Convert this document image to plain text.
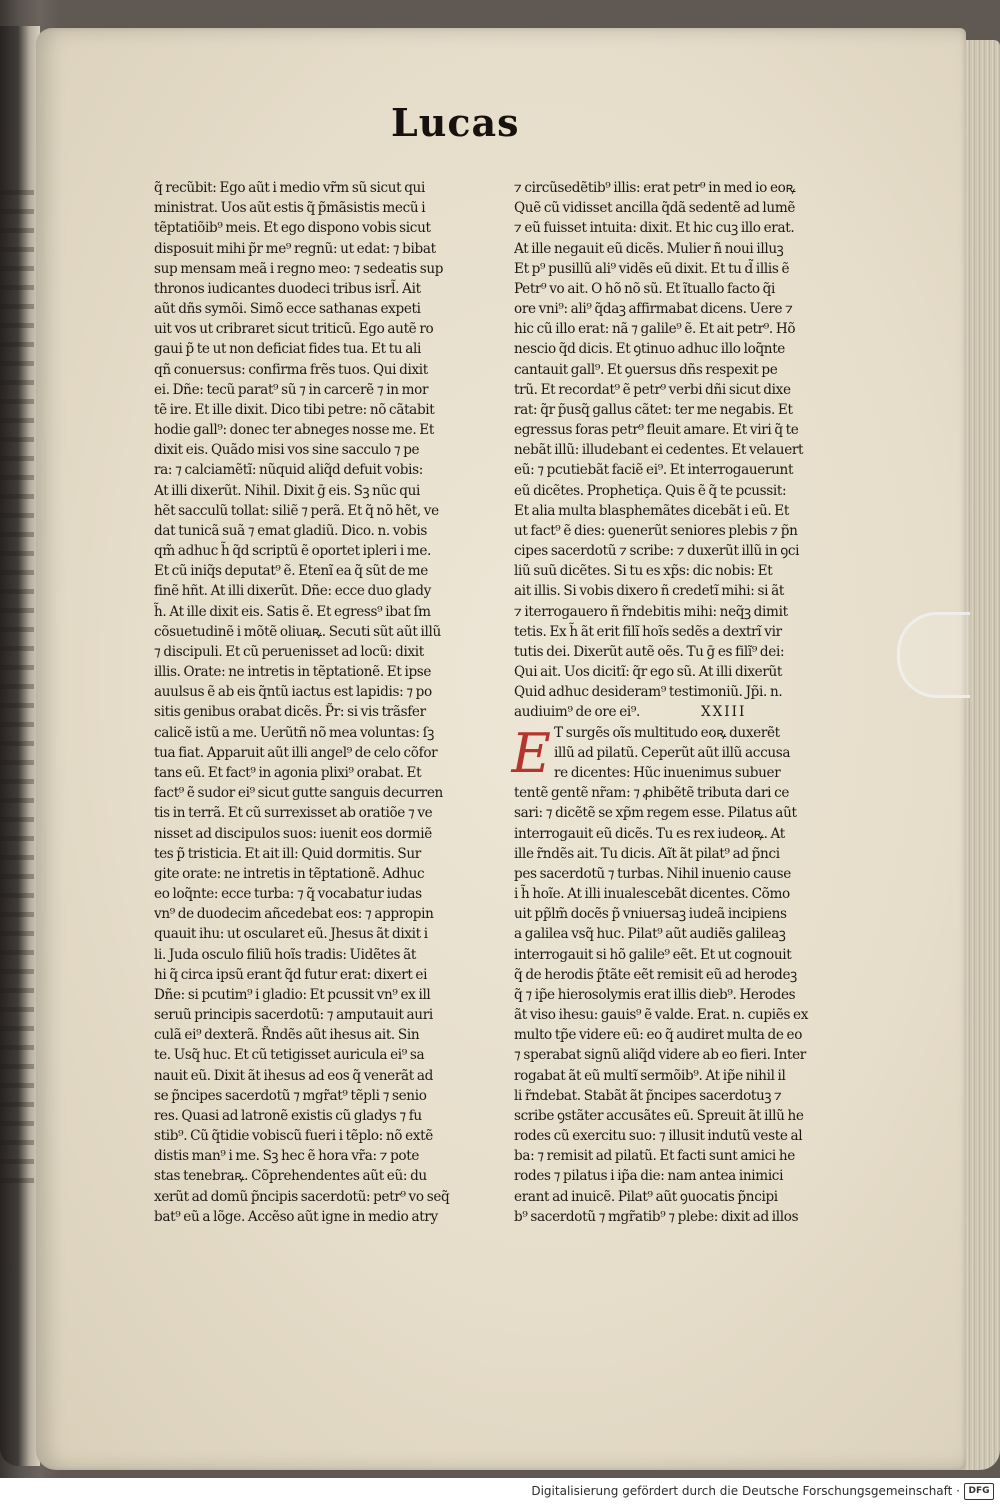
Lucas
q̃ recũbit: Ego aũt i medio vr̃m sũ sicut qui
ministrat. Uos aũt estis q̃ p̃mãsistis mecũ i
tẽptatiõib⁹ meis. Et ego dispono vobis sicut
disposuit mihi p̃r me⁹ regnũ: ut edat: ⁊ bibat
sup mensam meã i regno meo: ⁊ sedeatis sup
thronos iudicantes duodeci tribus isrl̃. Ait
aũt dñs symõi. Simõ ecce sathanas expeti
uit vos ut cribraret sicut triticũ. Ego autẽ ro
gaui p̃ te ut non deficiat fides tua. Et tu ali
qñ conuersus: confirma frẽs tuos. Qui dixit
ei. Dñe: tecũ parat⁹ sũ ⁊ in carcerẽ ⁊ in mor
tẽ ire. Et ille dixit. Dico tibi petre: nõ cãtabit
hodie gall⁹: donec ter abneges nosse me. Et
dixit eis. Quãdo misi vos sine sacculo ⁊ pe
ra: ⁊ calciamẽtĩ: nũquid aliq̃d defuit vobis:
At illi dixerũt. Nihil. Dixit ḡ eis. Sꝫ nũc qui
hẽt sacculũ tollat: siliẽ ⁊ perã. Et q̃ nõ hẽt, ve
dat tunicã suã ⁊ emat gladiũ. Dico. n. vobis
qm̃ adhuc h̃ q̃d scriptũ ẽ oportet ipleri i me.
Et cũ iniq̃s deputat⁹ ẽ. Etenĩ ea q̃ sũt de me
finẽ hñt. At illi dixerũt. Dñe: ecce duo glady
h̃. At ille dixit eis. Satis ẽ. Et egress⁹ ibat ſm
cõsuetudinẽ i mõtẽ oliuaꝶ. Secuti sũt aũt illũ
⁊ discipuli. Et cũ peruenisset ad locũ: dixit
illis. Orate: ne intretis in tẽptationẽ. Et ipse
auulsus ẽ ab eis q̃ntũ iactus est lapidis: ⁊ po
sitis genibus orabat dicẽs. P̃r: si vis trãsfer
calicẽ istũ a me. Uerũtñ nõ mea voluntas: ſꝫ
tua fiat. Apparuit aũt illi angel⁹ de celo cõfor
tans eũ. Et fact⁹ in agonia plixi⁹ orabat. Et
fact⁹ ẽ sudor ei⁹ sicut gutte sanguis decurren
tis in terrã. Et cũ surrexisset ab oratiõe ⁊ ve
nisset ad discipulos suos: iuenit eos dormiẽ
tes p̃ tristicia. Et ait ill: Quid dormitis. Sur
gite orate: ne intretis in tẽptationẽ. Adhuc
eo loq̃nte: ecce turba: ⁊ q̃ vocabatur iudas
vn⁹ de duodecim añcedebat eos: ⁊ appropin
quauit ihu: ut oscularet eũ. Jhesus ãt dixit i
li. Juda osculo filiũ hoĩs tradis: Uidẽtes ãt
hi q̃ circa ipsũ erant q̃d futur erat: dixert ei
Dñe: si pcutim⁹ i gladio: Et pcussit vn⁹ ex ill
seruũ principis sacerdotũ: ⁊ amputauit auri
culã ei⁹ dexterã. R̃ndẽs aũt ihesus ait. Sin
te. Usq̃ huc. Et cũ tetigisset auricula ei⁹ sa
nauit eũ. Dixit ãt ihesus ad eos q̃ venerãt ad
se p̃ncipes sacerdotũ ⁊ mgr̃at⁹ tẽpli ⁊ senio
res. Quasi ad latronẽ existis cũ gladys ⁊ fu
stib⁹. Cũ q̃tidie vobiscũ fueri i tẽplo: nõ extẽ
distis man⁹ i me. Sꝫ hec ẽ hora vr̃a: ⁊ pote
stas tenebraꝶ. Cõprehendentes aũt eũ: du
xerũt ad domũ p̃ncipis sacerdotũ: petr⁹ vo seq̃
bat⁹ eũ a lõge. Accẽso aũt igne in medio atry
⁊ circũsedẽtib⁹ illis: erat petr⁹ in med io eoꝶ
Quẽ cũ vidisset ancilla q̃dã sedentẽ ad lumẽ
⁊ eũ fuisset intuita: dixit. Et hic cuꝫ illo erat.
At ille negauit eũ dicẽs. Mulier ñ noui illuꝫ
Et p⁹ pusillũ ali⁹ vidẽs eũ dixit. Et tu d̃ illis ẽ
Petr⁹ vo ait. O hõ nõ sũ. Et ĩtuallo facto q̃i
ore vni⁹: ali⁹ q̃daꝫ affirmabat dicens. Uere ⁊
hic cũ illo erat: nã ⁊ galile⁹ ẽ. Et ait petr⁹. Hõ
nescio q̃d dicis. Et ꝯtinuo adhuc illo loq̃nte
cantauit gall⁹. Et ꝯuersus dñs respexit pe
trũ. Et recordat⁹ ẽ petr⁹ verbi dñi sicut dixe
rat: q̃r p̃usq̃ gallus cãtet: ter me negabis. Et
egressus foras petr⁹ fleuit amare. Et viri q̃ te
nebãt illũ: illudebant ei cedentes. Et velauert
eũ: ⁊ pcutiebãt faciẽ ei⁹. Et interrogauerunt
eũ dicẽtes. Prophetiça. Quis ẽ q̃ te pcussit:
Et alia multa blasphemãtes dicebãt i eũ. Et
ut fact⁹ ẽ dies: ꝯuenerũt seniores plebis ⁊ p̃n
cipes sacerdotũ ⁊ scribe: ⁊ duxerũt illũ in ꝯci
liũ suũ dicẽtes. Si tu es xp̃s: dic nobis: Et
ait illis. Si vobis dixero ñ credetĩ mihi: si ãt
⁊ iterrogauero ñ r̃ndebitis mihi: neq̃ꝫ dimit
tetis. Ex h̃ ãt erit filĩ hoĩs sedẽs a dextrĩ vir
tutis dei. Dixerũt autẽ oẽs. Tu ḡ es filĩ⁹ dei:
Qui ait. Uos dicitĩ: q̃r ego sũ. At illi dixerũt
Quid adhuc desideram⁹ testimoniũ. Jp̃i. n.
audiuim⁹ de ore ei⁹.	XXIII
E T surgẽs oĩs multitudo eoꝶ duxerẽt
illũ ad pilatũ. Ceperũt aũt illũ accusa
re dicentes: Hũc inuenimus subuer
tentẽ gentẽ nr̃am: ⁊ ꝓhibẽtẽ tributa dari ce
sari: ⁊ dicẽtẽ se xp̃m regem esse. Pilatus aũt
interrogauit eũ dicẽs. Tu es rex iudeoꝶ. At
ille r̃ndẽs ait. Tu dicis. Aĩt ãt pilat⁹ ad p̃nci
pes sacerdotũ ⁊ turbas. Nihil inuenio cause
i h̃ hoĩe. At illi inualescebãt dicentes. Cõmo
uit pp̃lm̃ docẽs p̃ vniuersaꝫ iudeã incipiens
a galilea vsq̃ huc. Pilat⁹ aũt audiẽs galileaꝫ
interrogauit si hõ galile⁹ eẽt. Et ut cognouit
q̃ de herodis p̃tãte eẽt remisit eũ ad herodeꝫ
q̃ ⁊ ip̃e hierosolymis erat illis dieb⁹. Herodes
ãt viso ihesu: gauis⁹ ẽ valde. Erat. n. cupiẽs ex
multo tp̃e videre eũ: eo q̃ audiret multa de eo
⁊ sperabat signũ aliq̃d videre ab eo fieri. Inter
rogabat ãt eũ multĩ sermõib⁹. At ip̃e nihil il
li r̃ndebat. Stabãt ãt p̃ncipes sacerdotuꝫ ⁊
scribe ꝯstãter accusãtes eũ. Spreuit ãt illũ he
rodes cũ exercitu suo: ⁊ illusit indutũ veste al
ba: ⁊ remisit ad pilatũ. Et facti sunt amici he
rodes ⁊ pilatus i ip̃a die: nam antea inimici
erant ad inuicẽ. Pilat⁹ aũt ꝯuocatis p̃ncipi
b⁹ sacerdotũ ⁊ mgr̃atib⁹ ⁊ plebe: dixit ad illos
Digitalisierung gefördert durch die Deutsche Forschungsgemeinschaft · DFG
